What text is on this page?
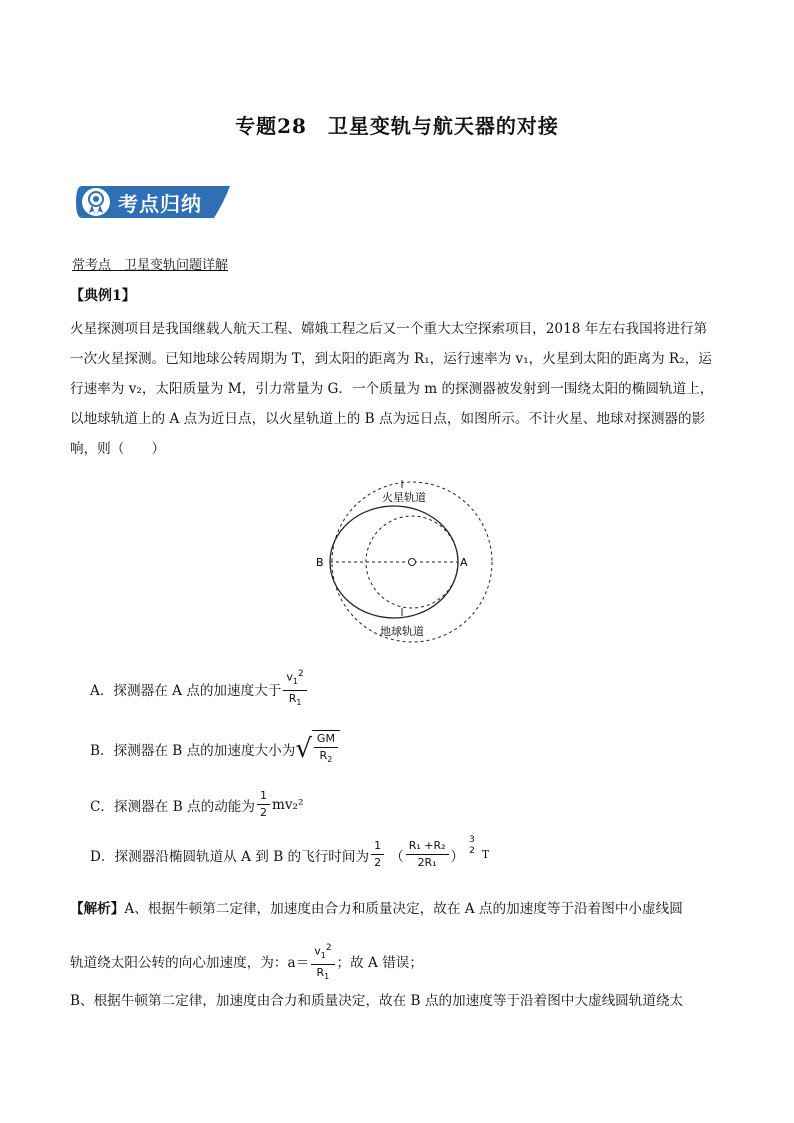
专题28　卫星变轨与航天器的对接
考点归纳
常考点　卫星变轨问题详解
【典例1】

火星探测项目是我国继载人航天工程、嫦娥工程之后又一个重大太空探索项目，2018 年左右我国将进行第

一次火星探测。已知地球公转周期为 T，到太阳的距离为 R₁，运行速率为 v₁，火星到太阳的距离为 R₂，运

行速率为 v₂，太阳质量为 M，引力常量为 G．一个质量为 m 的探测器被发射到一围绕太阳的椭圆轨道上，

以地球轨道上的 A 点为近日点，以火星轨道上的 B 点为远日点，如图所示。不计火星、地球对探测器的影

响，则（　　）

B	A
火星轨道
地球轨道
A．探测器在 A 点的加速度大于 $\frac{v_1^2}{R_1}$
B．探测器在 B 点的加速度大小为 √ $\frac{GM}{R_2}$
C．探测器在 B 点的动能为 $\frac{1}{2} mv_2^2$
D．探测器沿椭圆轨道从 A 到 B 的飞行时间为 $\frac{1}{2}$ （ $\frac{\text{R₁ +R₂}}{\text{2R₁}}$ ）
3
2 T
【解析】A、根据牛顿第二定律，加速度由合力和质量决定，故在 A 点的加速度等于沿着图中小虚线圆
轨道绕太阳公转的向心加速度，为：$a= \frac{v_1^2}{R_1}$ ；故 A 错误；
B、根据牛顿第二定律，加速度由合力和质量决定，故在 B 点的加速度等于沿着图中大虚线圆轨道绕太
